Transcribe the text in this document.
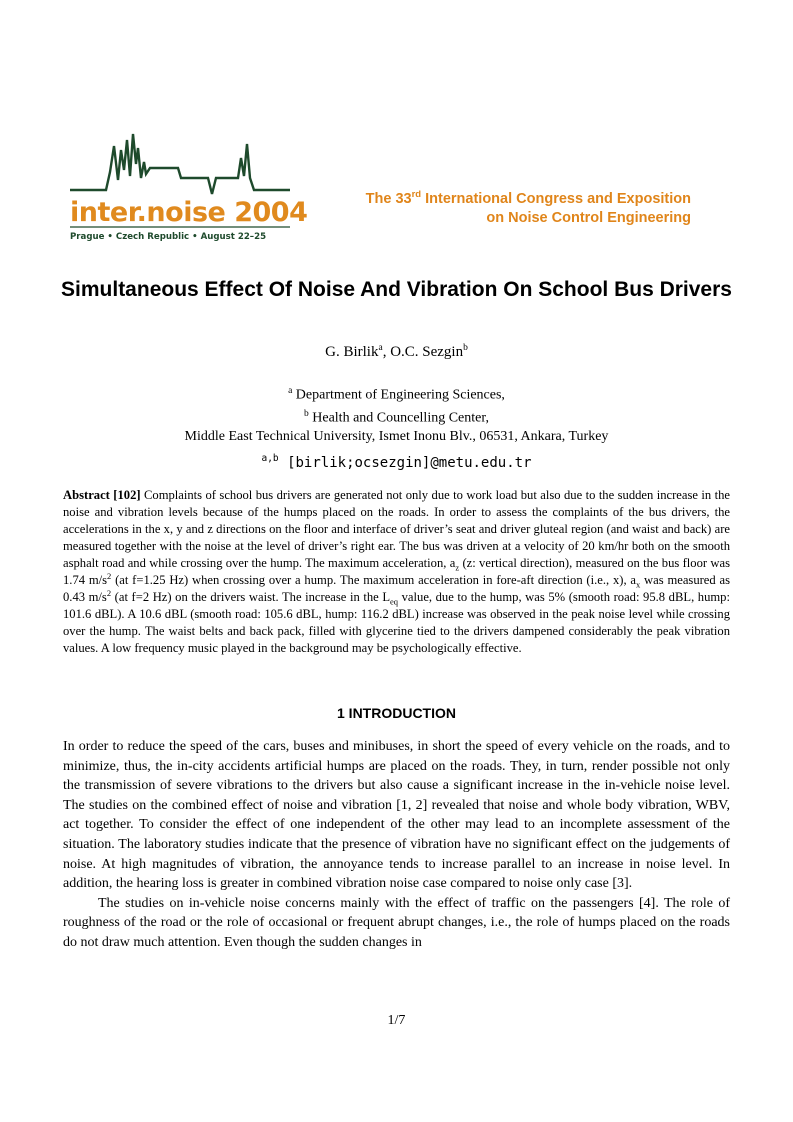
inter.noise 2004
Prague • Czech Republic • August 22–25
The 33rd International Congress and Exposition
on Noise Control Engineering
Simultaneous Effect Of Noise And Vibration On School Bus Drivers
G. Birlik$^a$, O.C. Sezgin$^b$
$^a$ Department of Engineering Sciences,
$^b$ Health and Councelling Center,
Middle East Technical University, Ismet Inonu Blv., 06531, Ankara, Turkey
$^{a,b}$ [birlik;ocsezgin]@metu.edu.tr
Abstract [102] Complaints of school bus drivers are generated not only due to work load but also due to the sudden increase in the noise and vibration levels because of the humps placed on the roads. In order to assess the complaints of the bus drivers, the accelerations in the x, y and z directions on the floor and interface of driver’s seat and driver gluteal region (and waist and back) are measured together with the noise at the level of driver’s right ear. The bus was driven at a velocity of 20 km/hr both on the smooth asphalt road and while crossing over the hump. The maximum acceleration, $a_z$ (z: vertical direction), measured on the bus floor was 1.74 $m/s^2$ (at f=1.25 Hz) when crossing over a hump. The maximum acceleration in fore-aft direction (i.e., x), $a_x$ was measured as 0.43 $m/s^2$ (at f=2 Hz) on the drivers waist. The increase in the $L_{eq}$ value, due to the hump, was 5% (smooth road: 95.8 dBL, hump: 101.6 dBL). A 10.6 dBL (smooth road: 105.6 dBL, hump: 116.2 dBL) increase was observed in the peak noise level while crossing over the hump. The waist belts and back pack, filled with glycerine tied to the drivers dampened considerably the peak vibration values. A low frequency music played in the background may be psychologically effective.
1 INTRODUCTION

In order to reduce the speed of the cars, buses and minibuses, in short the speed of every vehicle on the roads, and to minimize, thus, the in-city accidents artificial humps are placed on the roads. They, in turn, render possible not only the transmission of severe vibrations to the drivers but also cause a significant increase in the in-vehicle noise level. The studies on the combined effect of noise and vibration [1, 2] revealed that noise and whole body vibration, WBV, act together. To consider the effect of one independent of the other may lead to an incomplete assessment of the situation. The laboratory studies indicate that the presence of vibration have no significant effect on the judgements of noise. At high magnitudes of vibration, the annoyance tends to increase parallel to an increase in noise level. In addition, the hearing loss is greater in combined vibration noise case compared to noise only case [3].

The studies on in-vehicle noise concerns mainly with the effect of traffic on the passengers [4]. The role of roughness of the road or the role of occasional or frequent abrupt changes, i.e., the role of humps placed on the roads do not draw much attention. Even though the sudden changes in

1/7
